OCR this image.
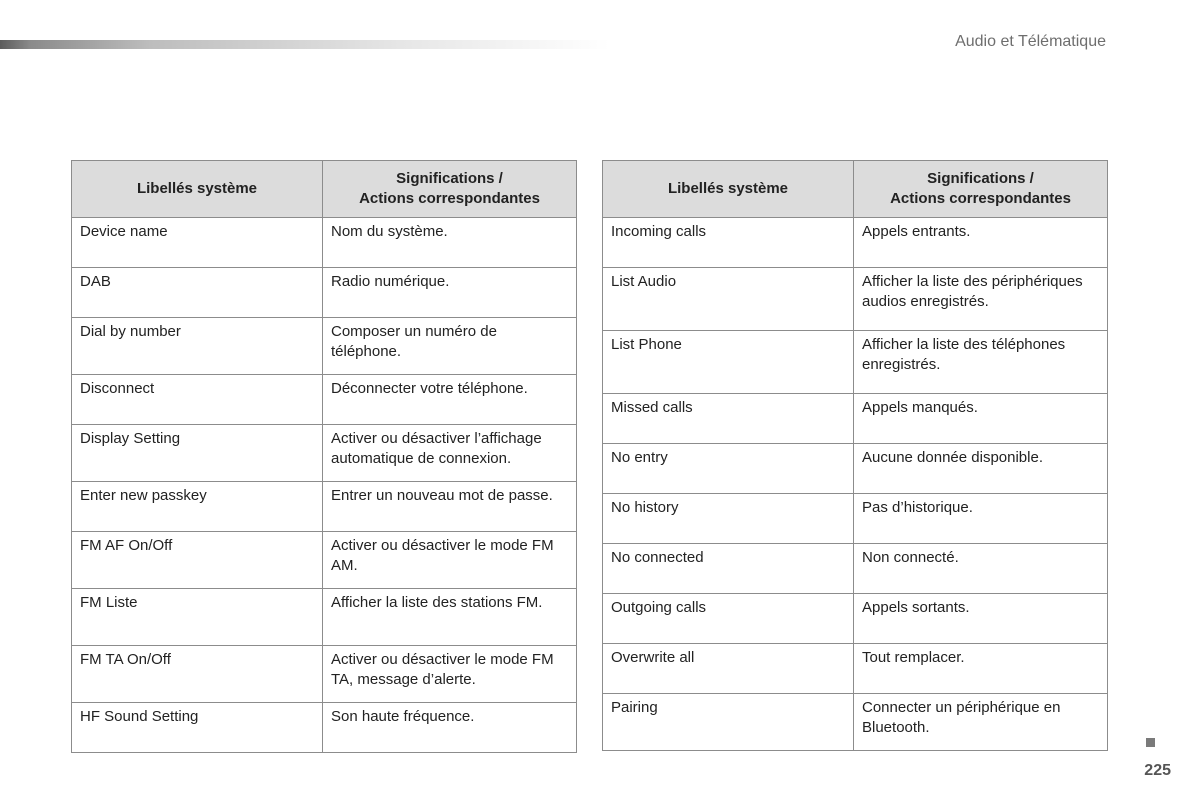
Audio et Télématique
Libellés système	Significations /
Actions correspondantes
Device name	Nom du système.
DAB	Radio numérique.
Dial by number	Composer un numéro de téléphone.
Disconnect	Déconnecter votre téléphone.
Display Setting	Activer ou désactiver l’affichage automatique de connexion.
Enter new passkey	Entrer un nouveau mot de passe.
FM AF On/Off	Activer ou désactiver le mode FM AM.
FM Liste	Afficher la liste des stations FM.
FM TA On/Off	Activer ou désactiver le mode FM TA, message d’alerte.
HF Sound Setting	Son haute fréquence.
Libellés système	Significations /
Actions correspondantes
Incoming calls	Appels entrants.
List Audio	Afficher la liste des périphériques audios enregistrés.
List Phone	Afficher la liste des téléphones enregistrés.
Missed calls	Appels manqués.
No entry	Aucune donnée disponible.
No history	Pas d’historique.
No connected	Non connecté.
Outgoing calls	Appels sortants.
Overwrite all	Tout remplacer.
Pairing	Connecter un périphérique en Bluetooth.
225
